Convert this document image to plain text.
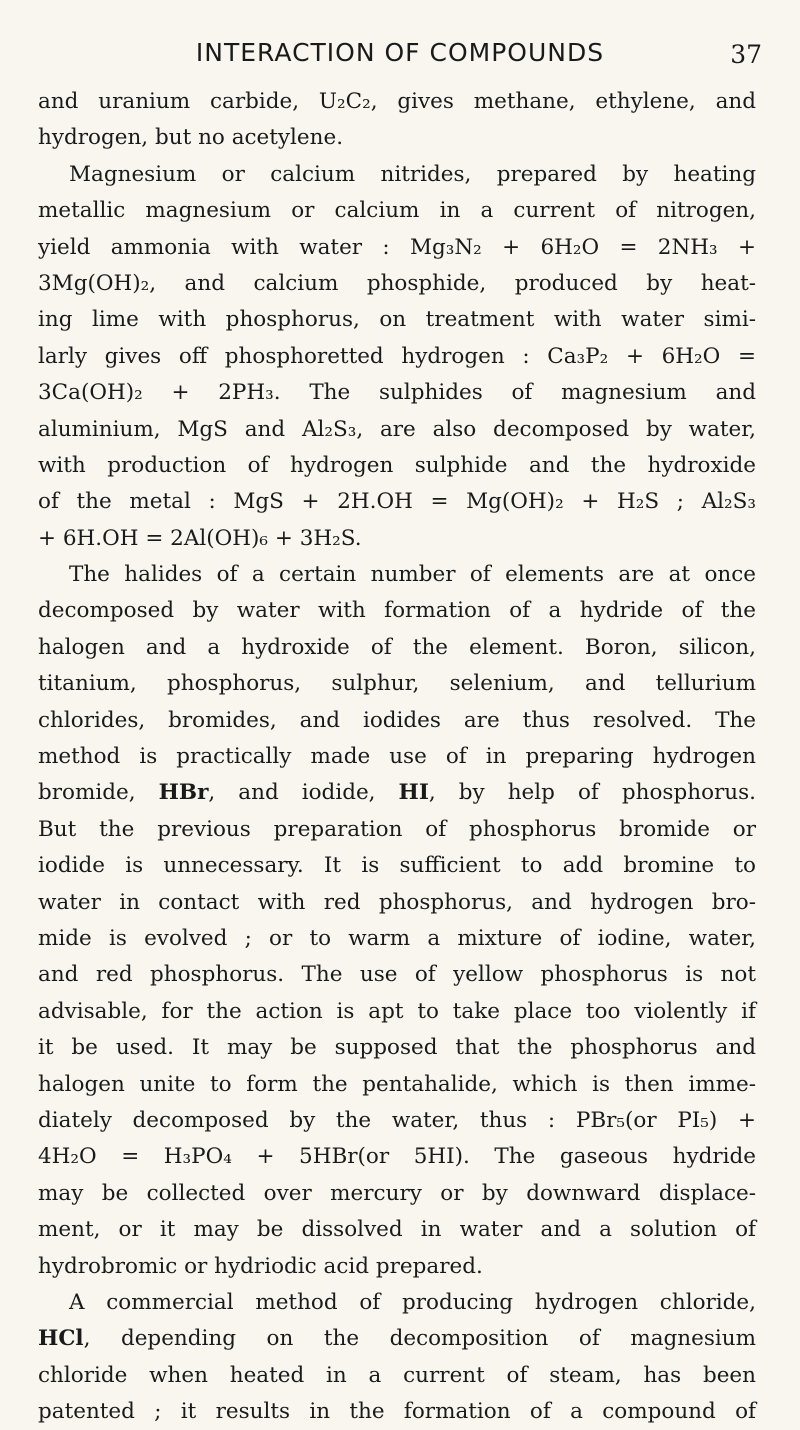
INTERACTION OF COMPOUNDS	37
and uranium carbide, U₂C₂, gives methane, ethylene, and
hydrogen, but no acetylene.
Magnesium or calcium nitrides, prepared by heating
metallic magnesium or calcium in a current of nitrogen,
yield ammonia with water : Mg₃N₂ + 6H₂O = 2NH₃ +
3Mg(OH)₂, and calcium phosphide, produced by heat-
ing lime with phosphorus, on treatment with water simi-
larly gives off phosphoretted hydrogen : Ca₃P₂ + 6H₂O =
3Ca(OH)₂ + 2PH₃. The sulphides of magnesium and
aluminium, MgS and Al₂S₃, are also decomposed by water,
with production of hydrogen sulphide and the hydroxide
of the metal : MgS + 2H.OH = Mg(OH)₂ + H₂S ; Al₂S₃
+ 6H.OH = 2Al(OH)₆ + 3H₂S.
The halides of a certain number of elements are at once
decomposed by water with formation of a hydride of the
halogen and a hydroxide of the element. Boron, silicon,
titanium, phosphorus, sulphur, selenium, and tellurium
chlorides, bromides, and iodides are thus resolved. The
method is practically made use of in preparing hydrogen
bromide, HBr, and iodide, HI, by help of phosphorus.
But the previous preparation of phosphorus bromide or
iodide is unnecessary. It is sufficient to add bromine to
water in contact with red phosphorus, and hydrogen bro-
mide is evolved ; or to warm a mixture of iodine, water,
and red phosphorus. The use of yellow phosphorus is not
advisable, for the action is apt to take place too violently if
it be used. It may be supposed that the phosphorus and
halogen unite to form the pentahalide, which is then imme-
diately decomposed by the water, thus : PBr₅(or PI₅) +
4H₂O = H₃PO₄ + 5HBr(or 5HI). The gaseous hydride
may be collected over mercury or by downward displace-
ment, or it may be dissolved in water and a solution of
hydrobromic or hydriodic acid prepared.
A commercial method of producing hydrogen chloride,
HCl, depending on the decomposition of magnesium
chloride when heated in a current of steam, has been
patented ; it results in the formation of a compound of
